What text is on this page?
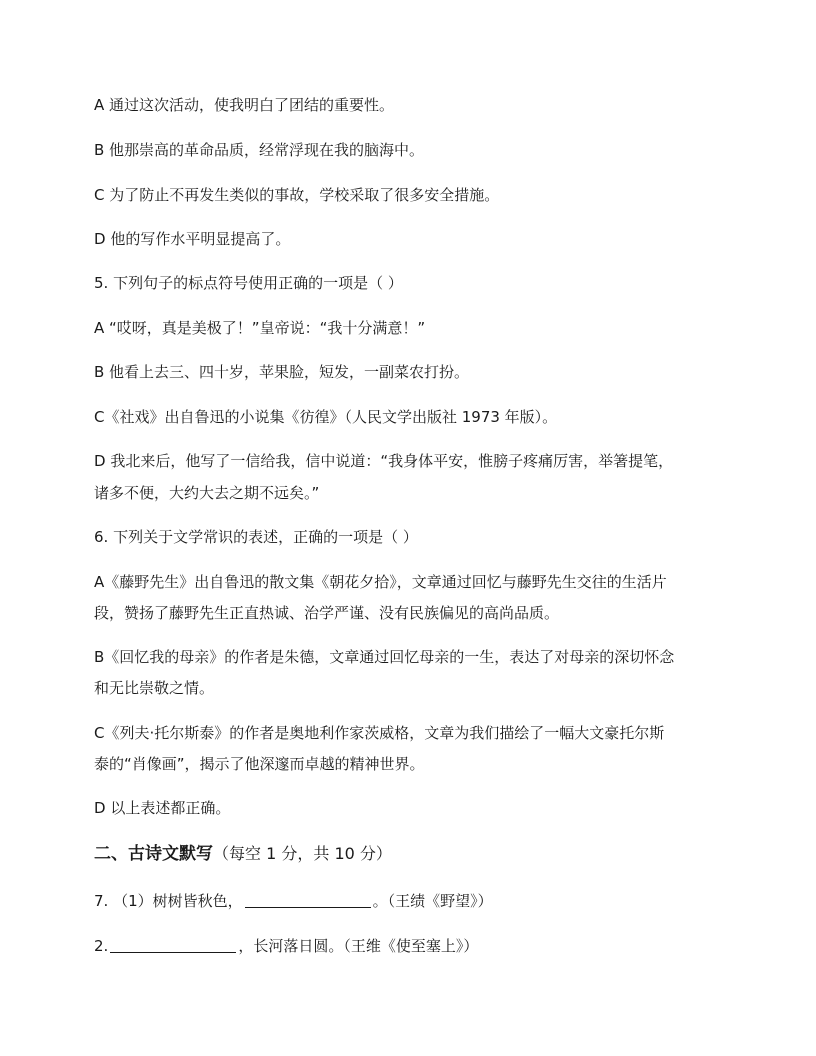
A 通过这次活动，使我明白了团结的重要性。
B 他那崇高的革命品质，经常浮现在我的脑海中。
C 为了防止不再发生类似的事故，学校采取了很多安全措施。
D 他的写作水平明显提高了。
5. 下列句子的标点符号使用正确的一项是（ ）
A “哎呀，真是美极了！”皇帝说：“我十分满意！”
B 他看上去三、四十岁，苹果脸，短发，一副菜农打扮。
C《社戏》出自鲁迅的小说集《彷徨》（人民文学出版社 1973 年版）。
D 我北来后，他写了一信给我，信中说道：“我身体平安，惟膀子疼痛厉害，举箸提笔，
诸多不便，大约大去之期不远矣。”
6. 下列关于文学常识的表述，正确的一项是（ ）
A《藤野先生》出自鲁迅的散文集《朝花夕拾》，文章通过回忆与藤野先生交往的生活片
段，赞扬了藤野先生正直热诚、治学严谨、没有民族偏见的高尚品质。
B《回忆我的母亲》的作者是朱德，文章通过回忆母亲的一生，表达了对母亲的深切怀念
和无比崇敬之情。
C《列夫·托尔斯泰》的作者是奥地利作家茨威格，文章为我们描绘了一幅大文豪托尔斯
泰的“肖像画”，揭示了他深邃而卓越的精神世界。
D 以上表述都正确。
二、古诗文默写（每空 1 分，共 10 分）
7. （1）树树皆秋色，	。（王绩《野望》）
2.	，长河落日圆。（王维《使至塞上》）
